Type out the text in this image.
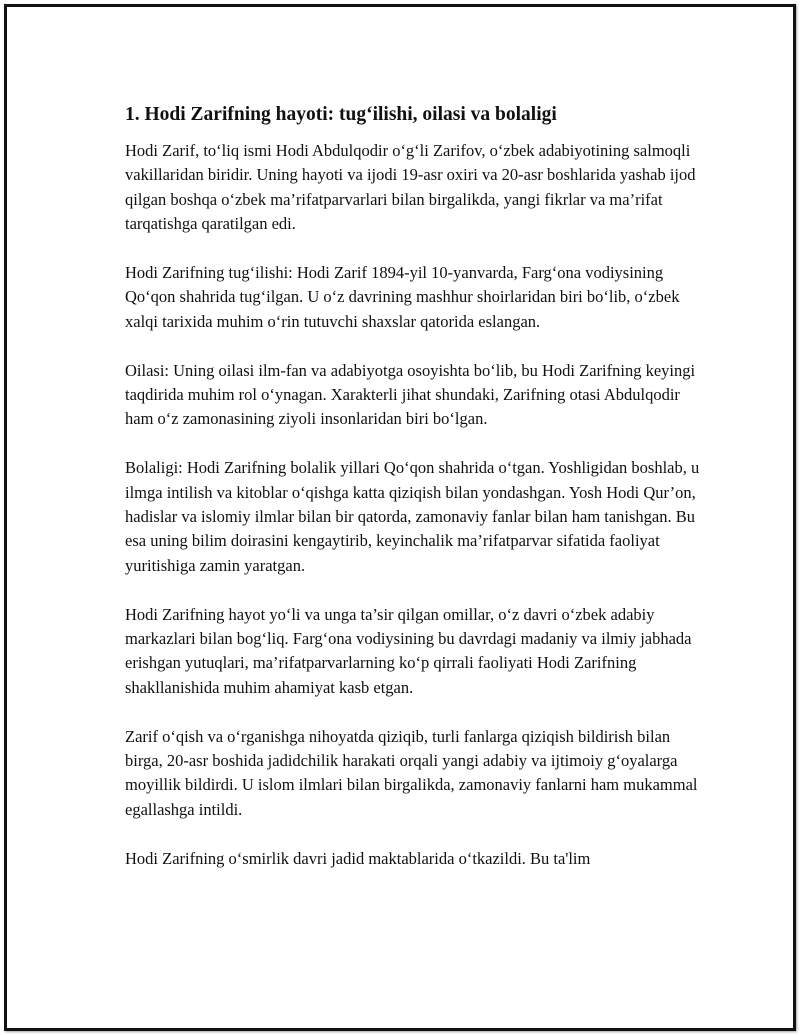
1. Hodi Zarifning hayoti: tug‘ilishi, oilasi va bolaligi

Hodi Zarif, to‘liq ismi Hodi Abdulqodir o‘g‘li Zarifov, o‘zbek adabiyotining salmoqli vakillaridan biridir. Uning hayoti va ijodi 19-asr oxiri va 20-asr boshlarida yashab ijod qilgan boshqa o‘zbek ma’rifatparvarlari bilan birgalikda, yangi fikrlar va ma’rifat tarqatishga qaratilgan edi.

Hodi Zarifning tug‘ilishi: Hodi Zarif 1894-yil 10-yanvarda, Farg‘ona vodiysining Qo‘qon shahrida tug‘ilgan. U o‘z davrining mashhur shoirlaridan biri bo‘lib, o‘zbek xalqi tarixida muhim o‘rin tutuvchi shaxslar qatorida eslangan.

Oilasi: Uning oilasi ilm-fan va adabiyotga osoyishta bo‘lib, bu Hodi Zarifning keyingi taqdirida muhim rol o‘ynagan. Xarakterli jihat shundaki, Zarifning otasi Abdulqodir ham o‘z zamonasining ziyoli insonlaridan biri bo‘lgan.

Bolaligi: Hodi Zarifning bolalik yillari Qo‘qon shahrida o‘tgan. Yoshligidan boshlab, u ilmga intilish va kitoblar o‘qishga katta qiziqish bilan yondashgan. Yosh Hodi Qur’on, hadislar va islomiy ilmlar bilan bir qatorda, zamonaviy fanlar bilan ham tanishgan. Bu esa uning bilim doirasini kengaytirib, keyinchalik ma’rifatparvar sifatida faoliyat yuritishiga zamin yaratgan.

Hodi Zarifning hayot yo‘li va unga ta’sir qilgan omillar, o‘z davri o‘zbek adabiy markazlari bilan bog‘liq. Farg‘ona vodiysining bu davrdagi madaniy va ilmiy jabhada erishgan yutuqlari, ma’rifatparvarlarning ko‘p qirrali faoliyati Hodi Zarifning shakllanishida muhim ahamiyat kasb etgan.

Zarif o‘qish va o‘rganishga nihoyatda qiziqib, turli fanlarga qiziqish bildirish bilan birga, 20-asr boshida jadidchilik harakati orqali yangi adabiy va ijtimoiy g‘oyalarga moyillik bildirdi. U islom ilmlari bilan birgalikda, zamonaviy fanlarni ham mukammal egallashga intildi.

Hodi Zarifning o‘smirlik davri jadid maktablarida o‘tkazildi. Bu ta'lim
